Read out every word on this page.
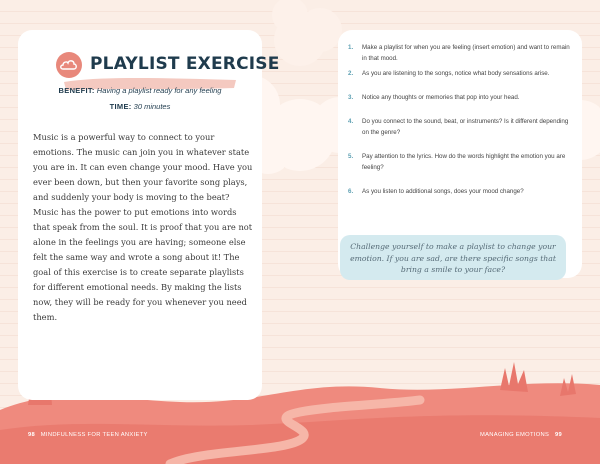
PLAYLIST EXERCISE
BENEFIT: Having a playlist ready for any feeling
TIME: 30 minutes

Music is a powerful way to connect to your emotions. The music can join you in whatever state you are in. It can even change your mood. Have you ever been down, but then your favorite song plays, and suddenly your body is moving to the beat? Music has the power to put emotions into words that speak from the soul. It is proof that you are not alone in the feelings you are having; someone else felt the same way and wrote a song about it! The goal of this exercise is to create separate playlists for different emotional needs. By making the lists now, they will be ready for you whenever you need them.

1.	Make a playlist for when you are feeling (insert emotion) and want to remain in that mood.
2.	As you are listening to the songs, notice what body sensations arise.
3.	Notice any thoughts or memories that pop into your head.
4.	Do you connect to the sound, beat, or instruments? Is it different depending on the genre?
5.	Pay attention to the lyrics. How do the words highlight the emotion you are feeling?
6.	As you listen to additional songs, does your mood change?
Challenge yourself to make a playlist to change your emotion. If you are sad, are there specific songs that bring a smile to your face?
98 MINDFULNESS FOR TEEN ANXIETY	MANAGING EMOTIONS 99
